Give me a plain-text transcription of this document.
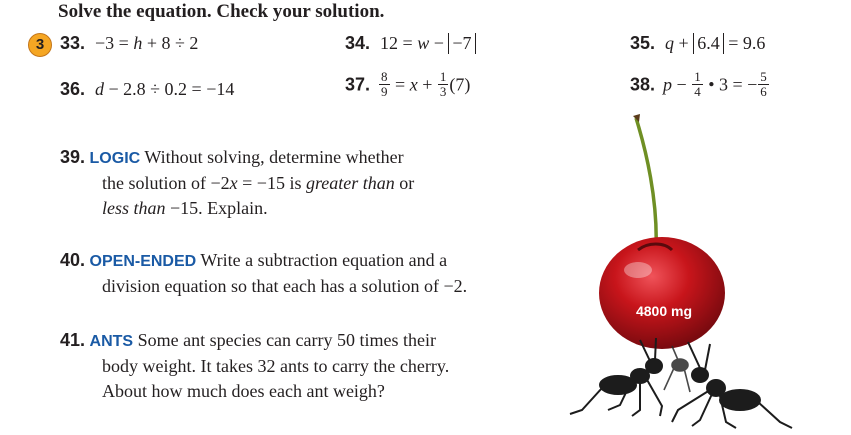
Solve the equation. Check your solution.
3 33. −3 = h + 8 ÷ 2	34. 12 = w − −7	35. q + 6.4 = 9.6
36. d − 2.8 ÷ 0.2 = −14	37. $\frac{8}{9} = x + \frac{1}{3} (7)$	38. $p - \frac{1}{4}$ • 3 = − $\frac{5}{6}$
39. LOGIC Without solving, determine whether
the solution of −2x = −15 is greater than or
less than −15. Explain.
40. OPEN-ENDED Write a subtraction equation and a
division equation so that each has a solution of −2.
41. ANTS Some ant species can carry 50 times their
body weight. It takes 32 ants to carry the cherry.
About how much does each ant weigh?
4800 mg
